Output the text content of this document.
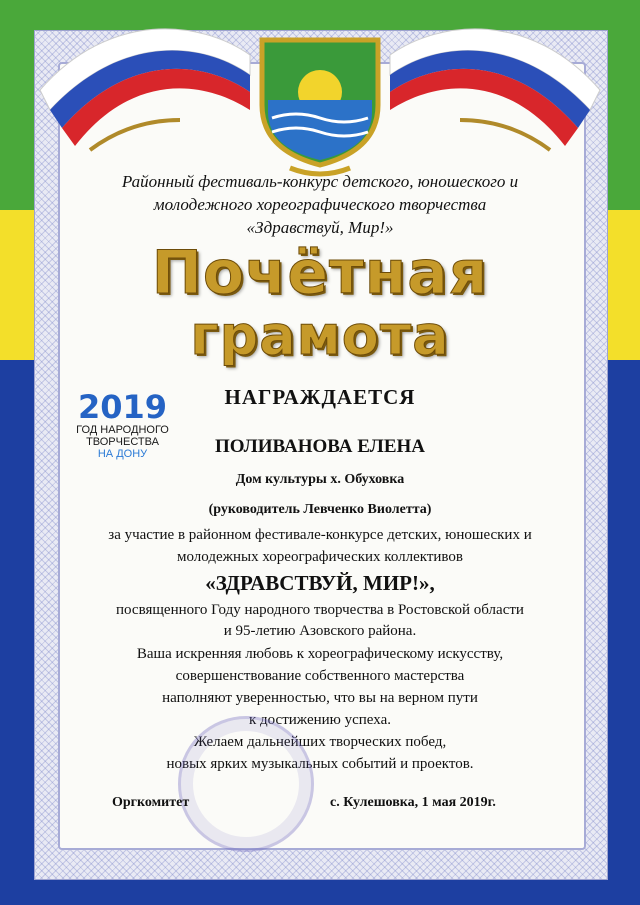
Районный фестиваль-конкурс детского, юношеского и
молодежного хореографического творчества
«Здравствуй, Мир!»
Почётная
грамота
2019
ГОД НАРОДНОГО
ТВОРЧЕСТВА
НА ДОНУ
НАГРАЖДАЕТСЯ
ПОЛИВАНОВА ЕЛЕНА
Дом культуры х. Обуховка
(руководитель Левченко Виолетта)
за участие в районном фестивале-конкурсе детских, юношеских и
молодежных хореографических коллективов
«ЗДРАВСТВУЙ, МИР!»,
посвященного Году народного творчества в Ростовской области
и 95-летию Азовского района.
Ваша искренняя любовь к хореографическому искусству,
совершенствование собственного мастерства
наполняют уверенностью, что вы на верном пути
к достижению успеха.
Желаем дальнейших творческих побед,
новых ярких музыкальных событий и проектов.
Оргкомитет	с. Кулешовка, 1 мая 2019г.
